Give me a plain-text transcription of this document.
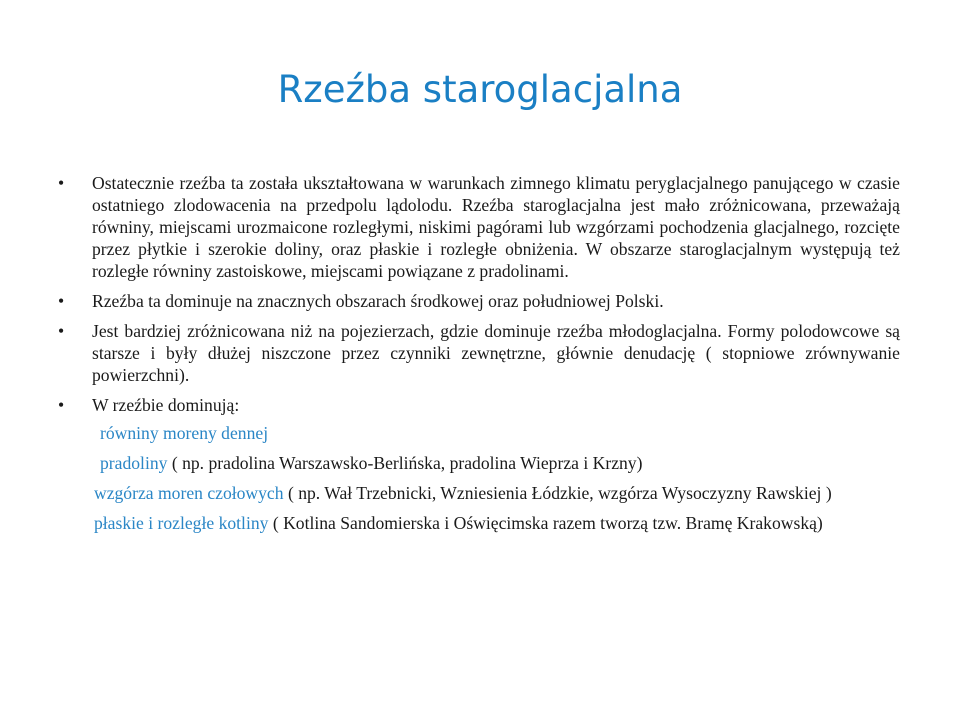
Rzeźba staroglacjalna
•	Ostatecznie rzeźba ta została ukształtowana w warunkach zimnego klimatu peryglacjalnego panującego w czasie ostatniego zlodowacenia na przedpolu lądolodu. Rzeźba staroglacjalna jest mało zróżnicowana, przeważają równiny, miejscami urozmaicone rozległymi, niskimi pagórami lub wzgórzami pochodzenia glacjalnego, rozcięte przez płytkie i szerokie doliny, oraz płaskie i rozległe obniżenia. W obszarze staroglacjalnym występują też rozległe równiny zastoiskowe, miejscami powiązane z pradolinami.
•	Rzeźba ta dominuje na znacznych obszarach środkowej oraz południowej Polski.
•	Jest bardziej zróżnicowana niż na pojezierzach, gdzie dominuje rzeźba młodoglacjalna. Formy polodowcowe są starsze i były dłużej niszczone przez czynniki zewnętrzne, głównie denudację ( stopniowe zrównywanie powierzchni).
•	W rzeźbie dominują:
równiny moreny dennej
pradoliny ( np. pradolina Warszawsko-Berlińska, pradolina Wieprza i Krzny)
wzgórza moren czołowych ( np. Wał Trzebnicki, Wzniesienia Łódzkie, wzgórza Wysoczyzny Rawskiej )
płaskie i rozległe kotliny ( Kotlina Sandomierska i Oświęcimska razem tworzą tzw. Bramę Krakowską)
